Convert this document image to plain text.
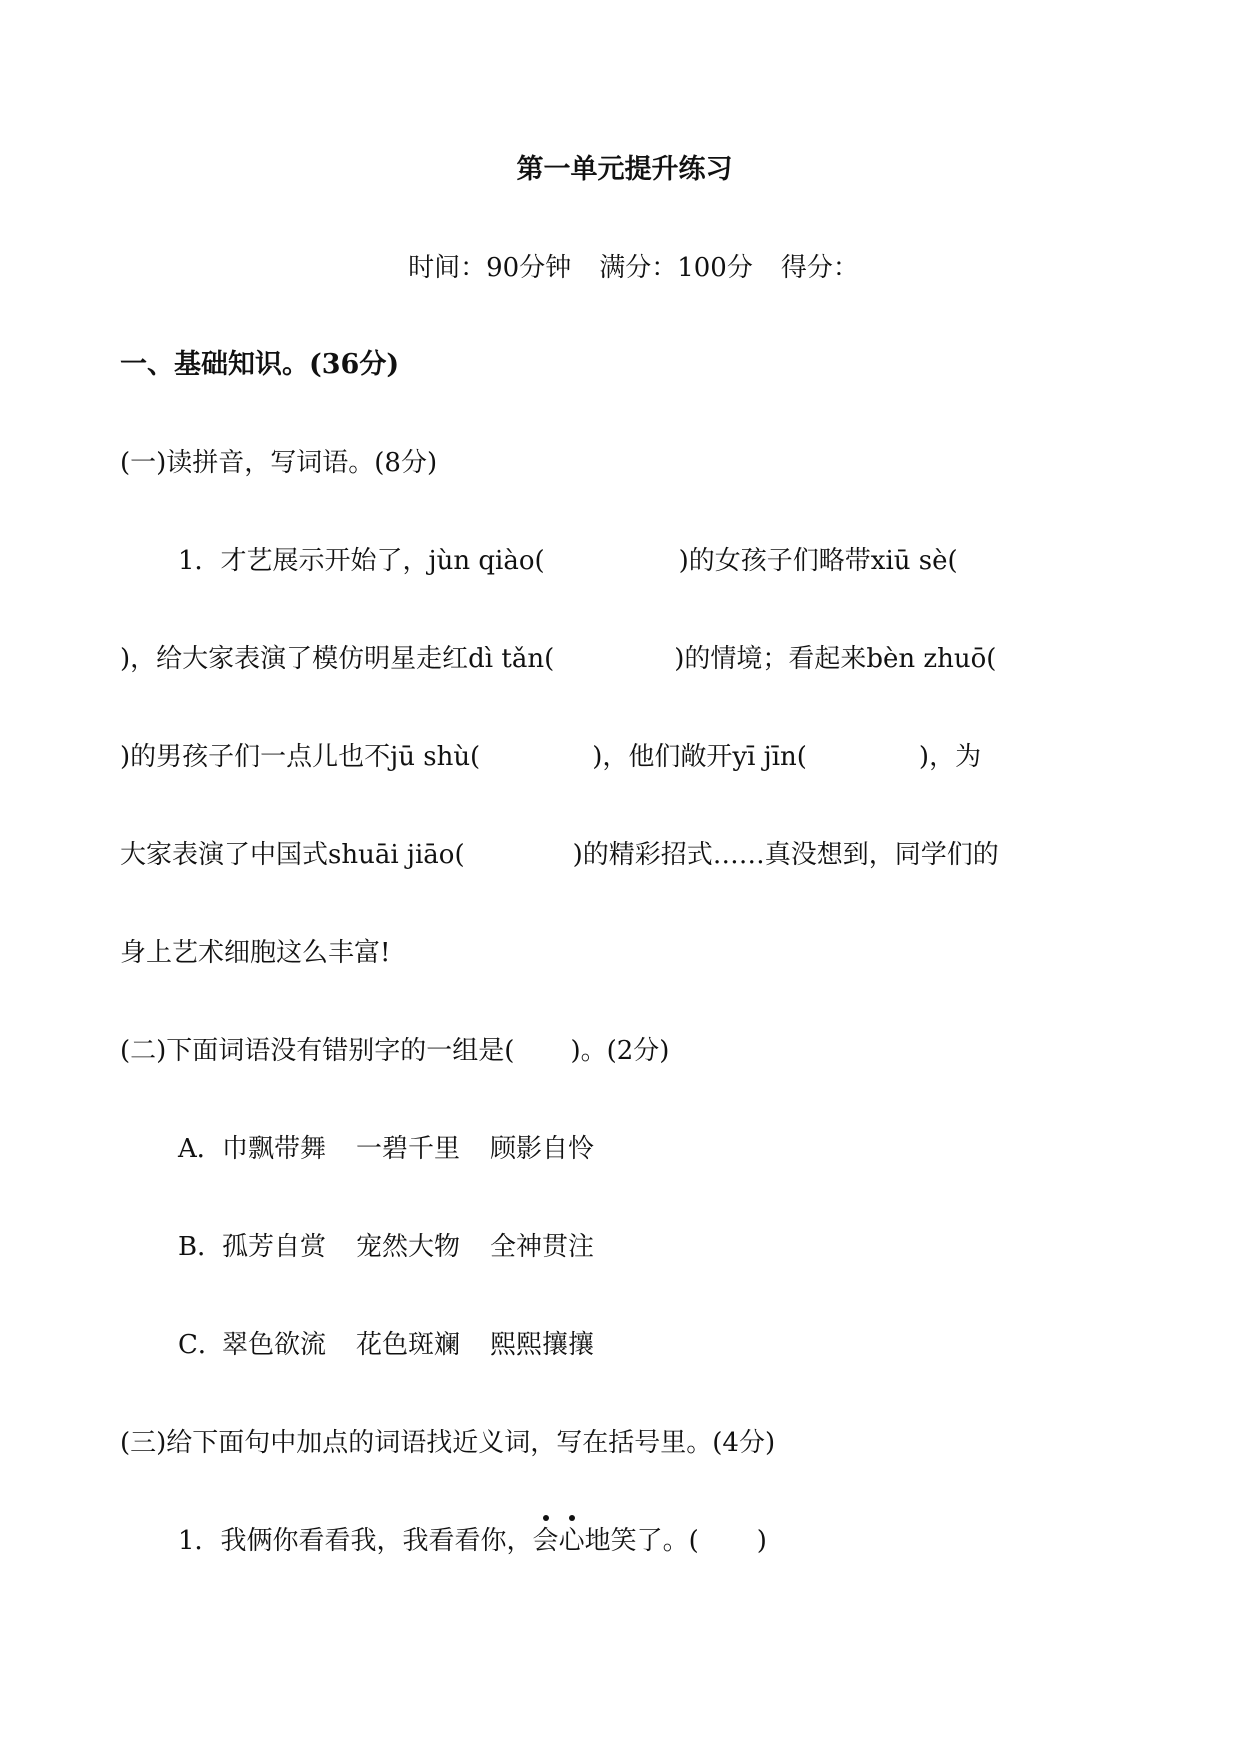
第一单元提升练习
时间：90分钟 满分：100分 得分：
一、基础知识。(36分)
(一)读拼音，写词语。(8分)
1．才艺展示开始了，jùn qiào(	)的女孩子们略带xiū sè(
)，给大家表演了模仿明星走红dì tǎn(	)的情境；看起来bèn zhuō(
)的男孩子们一点儿也不jū shù(	)，他们敞开yī jīn(	)，为
大家表演了中国式shuāi jiāo(	)的精彩招式……真没想到，同学们的
身上艺术细胞这么丰富!
(二)下面词语没有错别字的一组是( )。(2分)
A．巾飘带舞 一碧千里 顾影自怜
B．孤芳自赏 宠然大物 全神贯注
C．翠色欲流 花色斑斓 熙熙攘攘
(三)给下面句中加点的词语找近义词，写在括号里。(4分)
1．我俩你看看我，我看看你，
会
心地笑了。( )
